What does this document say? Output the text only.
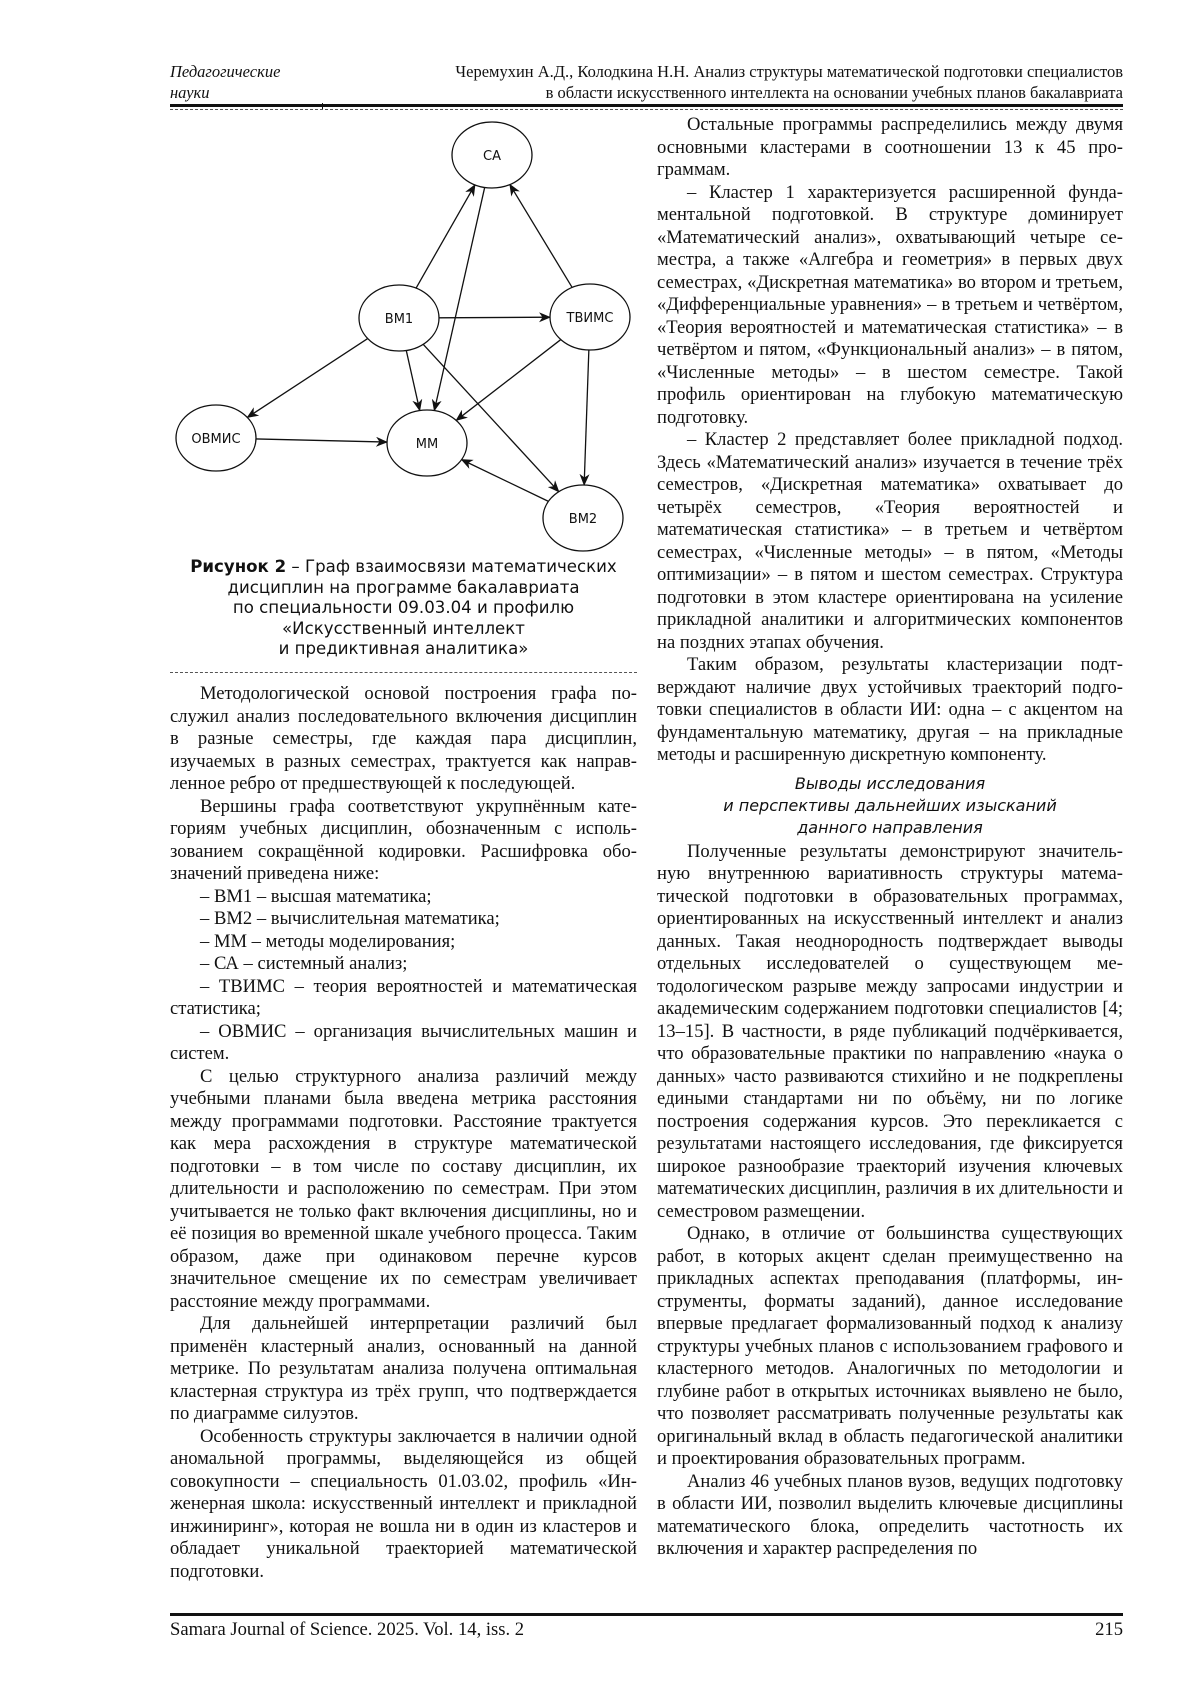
Педагогические
науки
Черемухин А.Д., Колодкина Н.Н. Анализ структуры математической подготовки специалистов
в области искусственного интеллекта на основании учебных планов бакалавриата
СА
ВМ1	ТВИМС
ОВМИС	ММ
ВМ2
Рисунок 2 – Граф взаимосвязи математических
дисциплин на программе бакалавриата
по специальности 09.03.04 и профилю
«Искусственный интеллект
и предиктивная аналитика»

Методологической основой построения графа послужил анализ последовательного включения дисциплин в разные семестры, где каждая пара дисциплин, изучаемых в разных семестрах, трактуется как направленное ребро от предшествующей к последующей.

Вершины графа соответствуют укрупнённым категориям учебных дисциплин, обозначенным с использованием сокращённой кодировки. Расшифровка обозначений приведена ниже:

– ВМ1 – высшая математика;

– ВМ2 – вычислительная математика;

– ММ – методы моделирования;

– СА – системный анализ;

– ТВИМС – теория вероятностей и математическая статистика;

– ОВМИС – организация вычислительных машин и систем.

С целью структурного анализа различий между учебными планами была введена метрика расстояния между программами подготовки. Расстояние трактуется как мера расхождения в структуре математической подготовки – в том числе по составу дисциплин, их длительности и расположению по семестрам. При этом учитывается не только факт включения дисциплины, но и её позиция во временной шкале учебного процесса. Таким образом, даже при одинаковом перечне курсов значительное смещение их по семестрам увеличивает расстояние между программами.

Для дальнейшей интерпретации различий был применён кластерный анализ, основанный на данной метрике. По результатам анализа получена оптимальная кластерная структура из трёх групп, что подтверждается по диаграмме силуэтов.

Особенность структуры заключается в наличии одной аномальной программы, выделяющейся из общей совокупности – специальность 01.03.02, профиль «Инженерная школа: искусственный интеллект и прикладной инжиниринг», которая не вошла ни в один из кластеров и обладает уникальной траекторией математической подготовки.

Остальные программы распределились между двумя основными кластерами в соотношении 13 к 45 программам.

– Кластер 1 характеризуется расширенной фундаментальной подготовкой. В структуре доминирует «Математический анализ», охватывающий четыре семестра, а также «Алгебра и геометрия» в первых двух семестрах, «Дискретная математика» во втором и третьем, «Дифференциальные уравнения» – в третьем и четвёртом, «Теория вероятностей и математическая статистика» – в четвёртом и пятом, «Функциональный анализ» – в пятом, «Численные методы» – в шестом семестре. Такой профиль ориентирован на глубокую математическую подготовку.

– Кластер 2 представляет более прикладной подход. Здесь «Математический анализ» изучается в течение трёх семестров, «Дискретная математика» охватывает до четырёх семестров, «Теория вероятностей и математическая статистика» – в третьем и четвёртом семестрах, «Численные методы» – в пятом, «Методы оптимизации» – в пятом и шестом семестрах. Структура подготовки в этом кластере ориентирована на усиление прикладной аналитики и алгоритмических компонентов на поздних этапах обучения.

Таким образом, результаты кластеризации подтверждают наличие двух устойчивых траекторий подготовки специалистов в области ИИ: одна – с акцентом на фундаментальную математику, другая – на прикладные методы и расширенную дискретную компоненту.

Выводы исследования
и перспективы дальнейших изысканий
данного направления

Полученные результаты демонстрируют значительную внутреннюю вариативность структуры математической подготовки в образовательных программах, ориентированных на искусственный интеллект и анализ данных. Такая неоднородность подтверждает выводы отдельных исследователей о существующем методологическом разрыве между запросами индустрии и академическим содержанием подготовки специалистов [4; 13–15]. В частности, в ряде публикаций подчёркивается, что образовательные практики по направлению «наука о данных» часто развиваются стихийно и не подкреплены едиными стандартами ни по объёму, ни по логике построения содержания курсов. Это перекликается с результатами настоящего исследования, где фиксируется широкое разнообразие траекторий изучения ключевых математических дисциплин, различия в их длительности и семестровом размещении.

Однако, в отличие от большинства существующих работ, в которых акцент сделан преимущественно на прикладных аспектах преподавания (платформы, инструменты, форматы заданий), данное исследование впервые предлагает формализованный подход к анализу структуры учебных планов с использованием графового и кластерного методов. Аналогичных по методологии и глубине работ в открытых источниках выявлено не было, что позволяет рассматривать полученные результаты как оригинальный вклад в область педагогической аналитики и проектирования образовательных программ.

Анализ 46 учебных планов вузов, ведущих подготовку в области ИИ, позволил выделить ключевые дисциплины математического блока, определить частотность их включения и характер распределения по

Samara Journal of Science. 2025. Vol. 14, iss. 2	215
